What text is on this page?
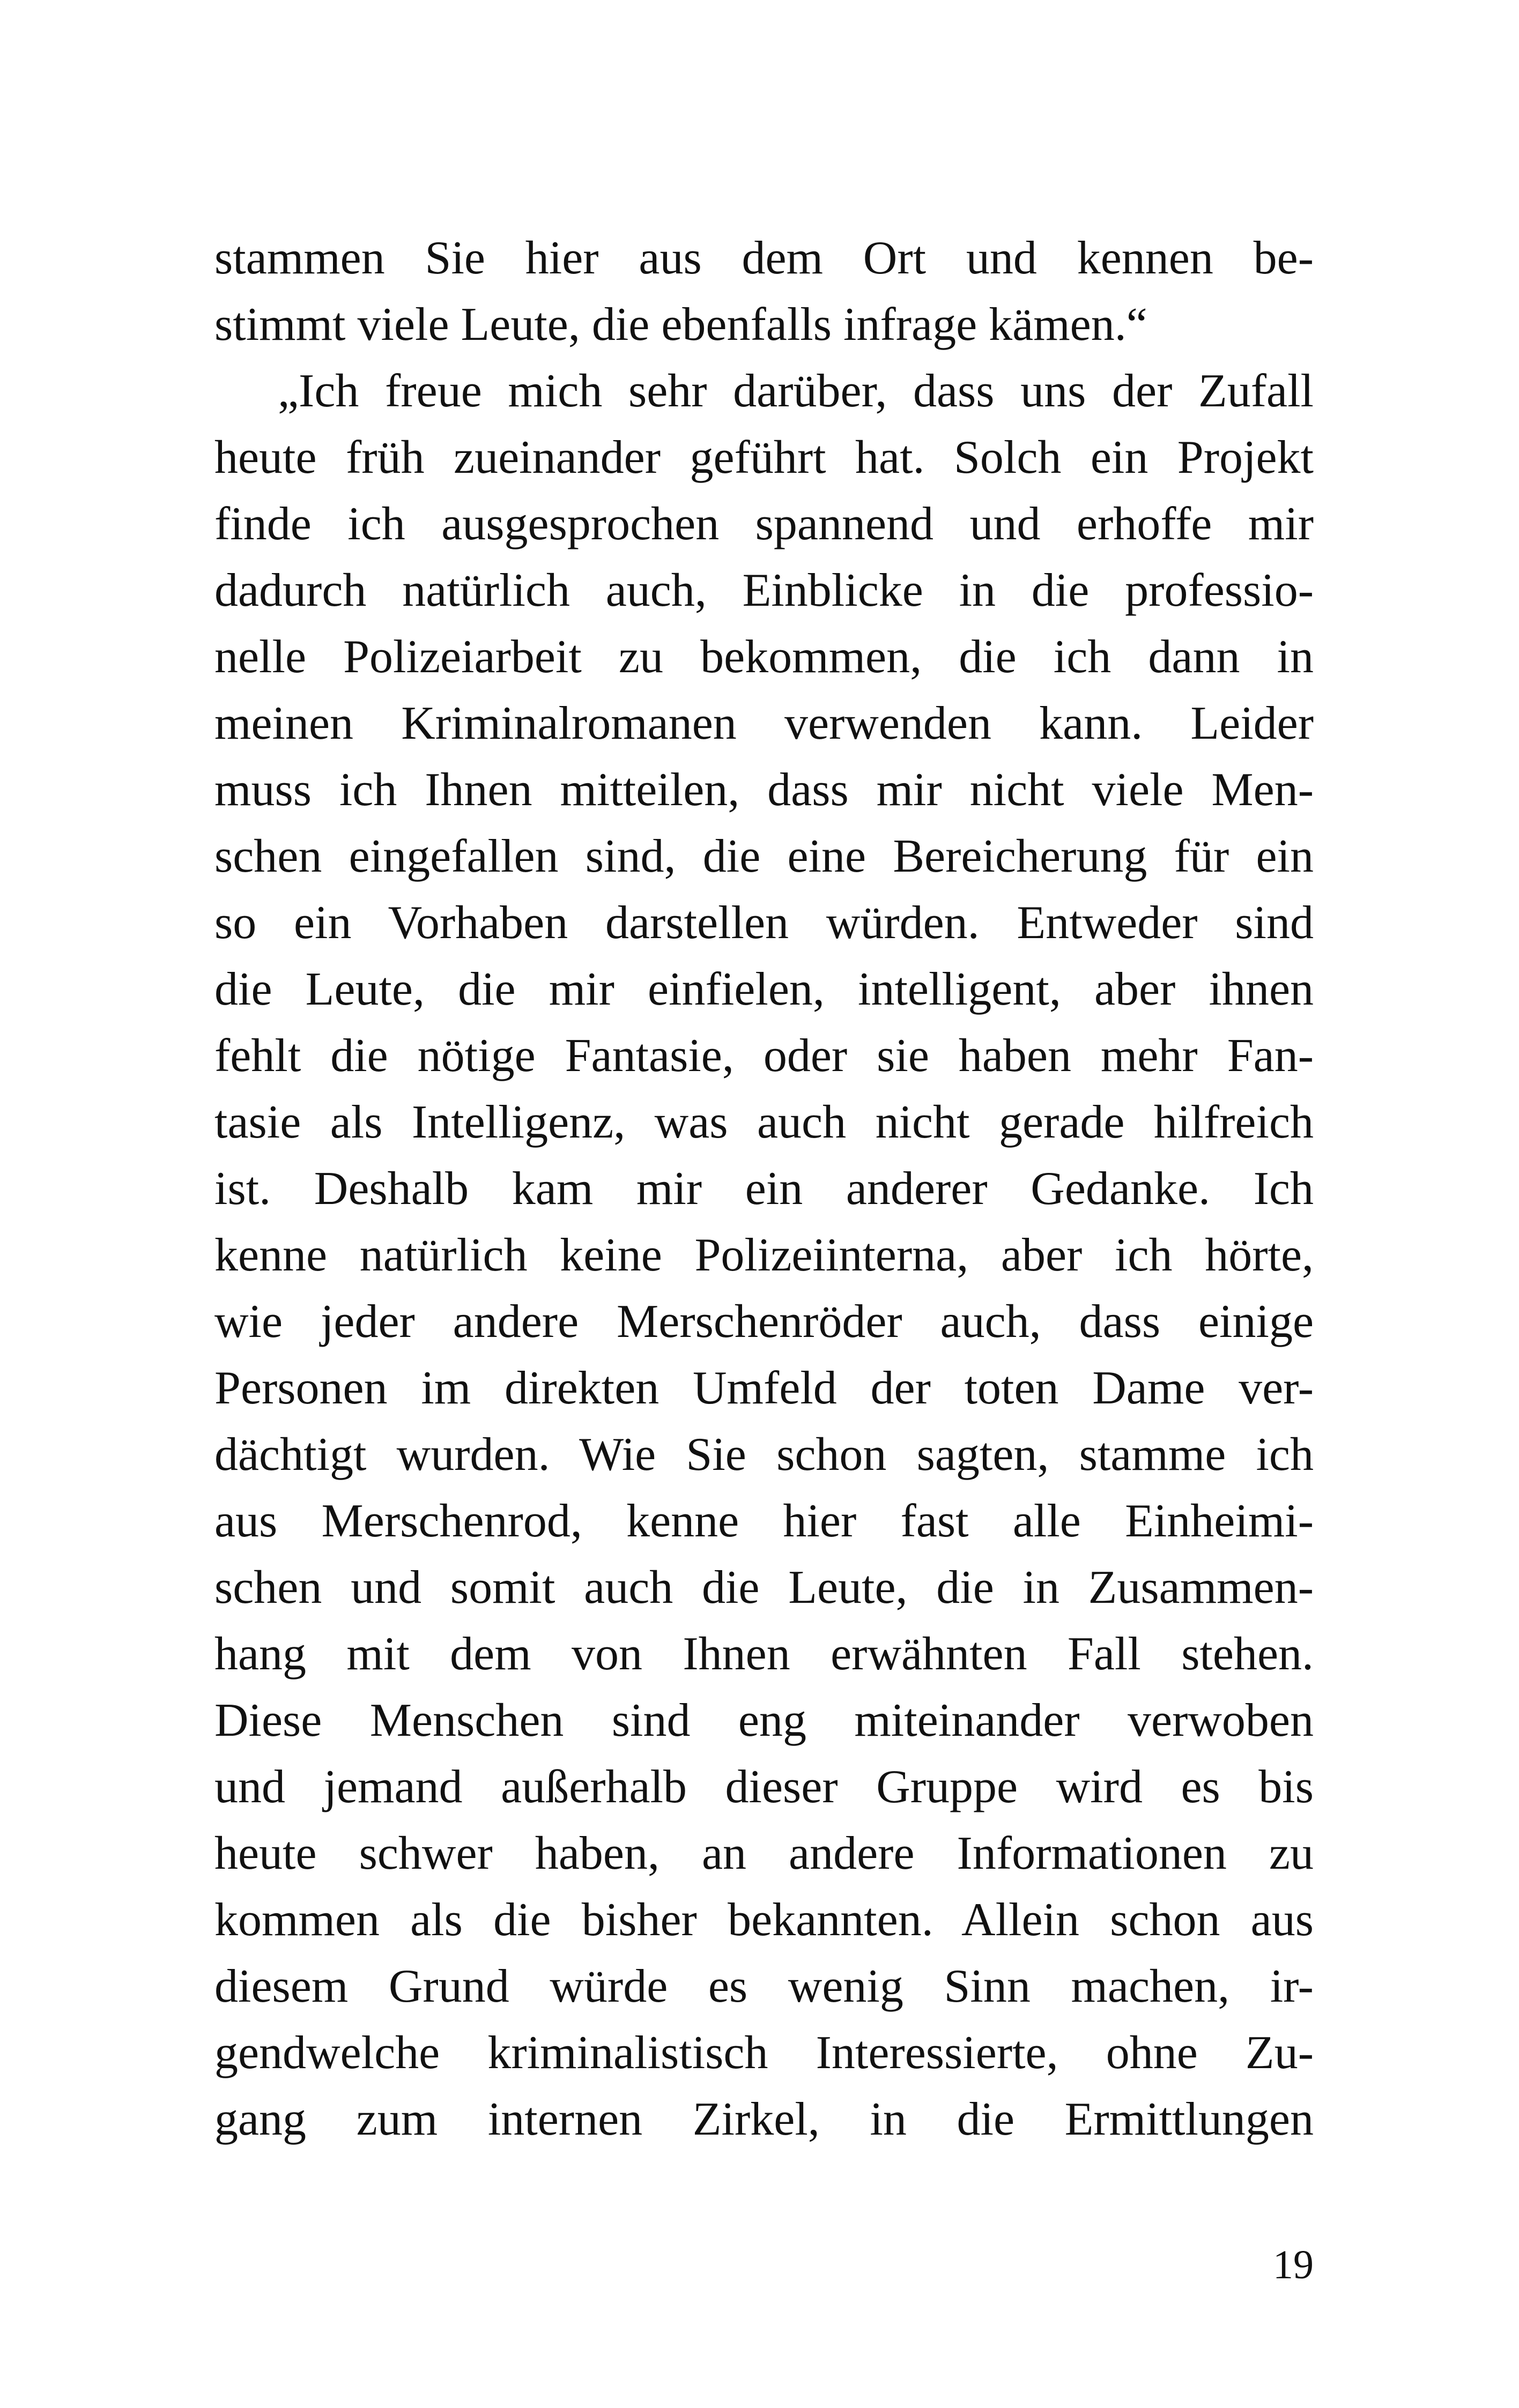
stammen Sie hier aus dem Ort und kennen be-
stimmt viele Leute, die ebenfalls infrage kämen.“
„Ich freue mich sehr darüber, dass uns der Zufall
heute früh zueinander geführt hat. Solch ein Projekt
finde ich ausgesprochen spannend und erhoffe mir
dadurch natürlich auch, Einblicke in die professio-
nelle Polizeiarbeit zu bekommen, die ich dann in
meinen Kriminalromanen verwenden kann. Leider
muss ich Ihnen mitteilen, dass mir nicht viele Men-
schen eingefallen sind, die eine Bereicherung für ein
so ein Vorhaben darstellen würden. Entweder sind
die Leute, die mir einfielen, intelligent, aber ihnen
fehlt die nötige Fantasie, oder sie haben mehr Fan-
tasie als Intelligenz, was auch nicht gerade hilfreich
ist. Deshalb kam mir ein anderer Gedanke. Ich
kenne natürlich keine Polizeiinterna, aber ich hörte,
wie jeder andere Merschenröder auch, dass einige
Personen im direkten Umfeld der toten Dame ver-
dächtigt wurden. Wie Sie schon sagten, stamme ich
aus Merschenrod, kenne hier fast alle Einheimi-
schen und somit auch die Leute, die in Zusammen-
hang mit dem von Ihnen erwähnten Fall stehen.
Diese Menschen sind eng miteinander verwoben
und jemand außerhalb dieser Gruppe wird es bis
heute schwer haben, an andere Informationen zu
kommen als die bisher bekannten. Allein schon aus
diesem Grund würde es wenig Sinn machen, ir-
gendwelche kriminalistisch Interessierte, ohne Zu-
gang zum internen Zirkel, in die Ermittlungen
19
